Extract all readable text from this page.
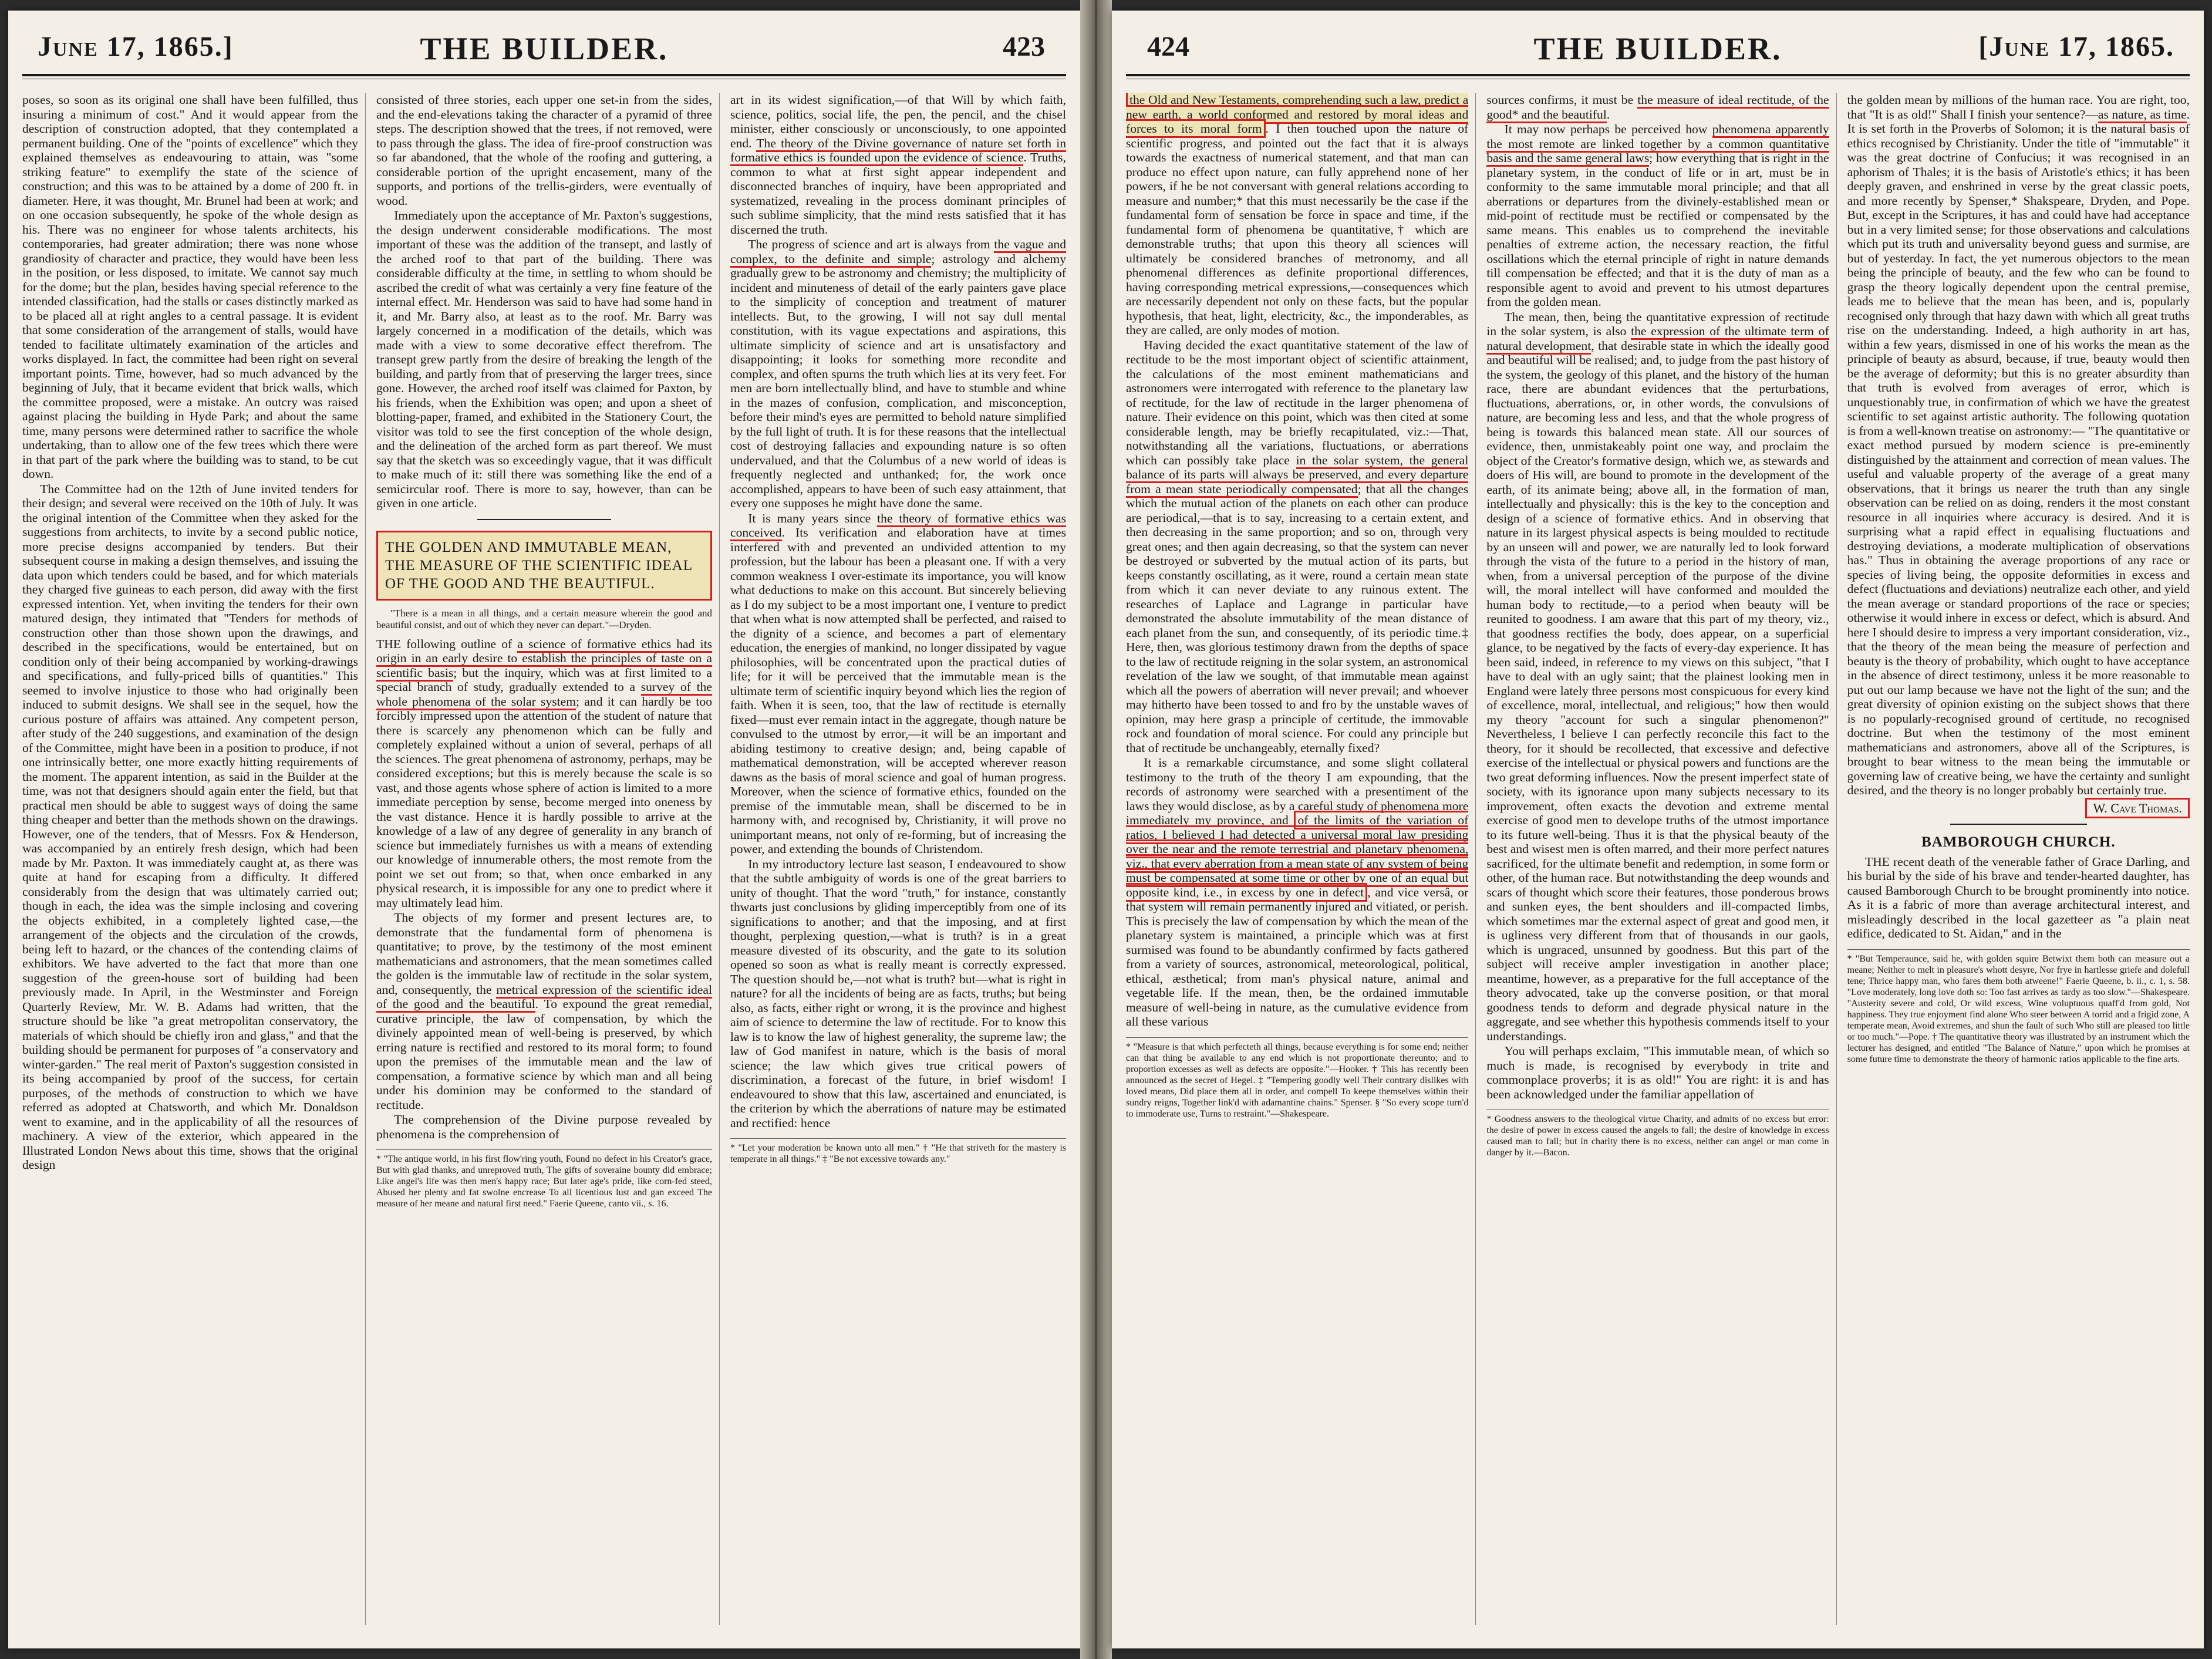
June 17, 1865.]	THE BUILDER.	423

poses, so soon as its original one shall have been fulfilled, thus insuring a minimum of cost." And it would appear from the description of construction adopted, that they contemplated a permanent building. One of the "points of excellence" which they explained themselves as endeavouring to attain, was "some striking feature" to exemplify the state of the science of construction; and this was to be attained by a dome of 200 ft. in diameter. Here, it was thought, Mr. Brunel had been at work; and on one occasion subsequently, he spoke of the whole design as his. There was no engineer for whose talents architects, his contemporaries, had greater admiration; there was none whose grandiosity of character and practice, they would have been less in the position, or less disposed, to imitate. We cannot say much for the dome; but the plan, besides having special reference to the intended classification, had the stalls or cases distinctly marked as to be placed all at right angles to a central passage. It is evident that some consideration of the arrangement of stalls, would have tended to facilitate ultimately examination of the articles and works displayed. In fact, the committee had been right on several important points. Time, however, had so much advanced by the beginning of July, that it became evident that brick walls, which the committee proposed, were a mistake. An outcry was raised against placing the building in Hyde Park; and about the same time, many persons were determined rather to sacrifice the whole undertaking, than to allow one of the few trees which there were in that part of the park where the building was to stand, to be cut down.

The Committee had on the 12th of June invited tenders for their design; and several were received on the 10th of July. It was the original intention of the Committee when they asked for the suggestions from architects, to invite by a second public notice, more precise designs accompanied by tenders. But their subsequent course in making a design themselves, and issuing the data upon which tenders could be based, and for which materials they charged five guineas to each person, did away with the first expressed intention. Yet, when inviting the tenders for their own matured design, they intimated that "Tenders for methods of construction other than those shown upon the drawings, and described in the specifications, would be entertained, but on condition only of their being accompanied by working-drawings and specifications, and fully-priced bills of quantities." This seemed to involve injustice to those who had originally been induced to submit designs. We shall see in the sequel, how the curious posture of affairs was attained. Any competent person, after study of the 240 suggestions, and examination of the design of the Committee, might have been in a position to produce, if not one intrinsically better, one more exactly hitting requirements of the moment. The apparent intention, as said in the Builder at the time, was not that designers should again enter the field, but that practical men should be able to suggest ways of doing the same thing cheaper and better than the methods shown on the drawings. However, one of the tenders, that of Messrs. Fox & Henderson, was accompanied by an entirely fresh design, which had been made by Mr. Paxton. It was immediately caught at, as there was quite at hand for escaping from a difficulty. It differed considerably from the design that was ultimately carried out; though in each, the idea was the simple inclosing and covering the objects exhibited, in a completely lighted case,—the arrangement of the objects and the circulation of the crowds, being left to hazard, or the chances of the contending claims of exhibitors. We have adverted to the fact that more than one suggestion of the green-house sort of building had been previously made. In April, in the Westminster and Foreign Quarterly Review, Mr. W. B. Adams had written, that the structure should be like "a great metropolitan conservatory, the materials of which should be chiefly iron and glass," and that the building should be permanent for purposes of "a conservatory and winter-garden." The real merit of Paxton's suggestion consisted in its being accompanied by proof of the success, for certain purposes, of the methods of construction to which we have referred as adopted at Chatsworth, and which Mr. Donaldson went to examine, and in the applicability of all the resources of machinery. A view of the exterior, which appeared in the Illustrated London News about this time, shows that the original design

consisted of three stories, each upper one set-in from the sides, and the end-elevations taking the character of a pyramid of three steps. The description showed that the trees, if not removed, were to pass through the glass. The idea of fire-proof construction was so far abandoned, that the whole of the roofing and guttering, a considerable portion of the upright encasement, many of the supports, and portions of the trellis-girders, were eventually of wood.

Immediately upon the acceptance of Mr. Paxton's suggestions, the design underwent considerable modifications. The most important of these was the addition of the transept, and lastly of the arched roof to that part of the building. There was considerable difficulty at the time, in settling to whom should be ascribed the credit of what was certainly a very fine feature of the internal effect. Mr. Henderson was said to have had some hand in it, and Mr. Barry also, at least as to the roof. Mr. Barry was largely concerned in a modification of the details, which was made with a view to some decorative effect therefrom. The transept grew partly from the desire of breaking the length of the building, and partly from that of preserving the larger trees, since gone. However, the arched roof itself was claimed for Paxton, by his friends, when the Exhibition was open; and upon a sheet of blotting-paper, framed, and exhibited in the Stationery Court, the visitor was told to see the first conception of the whole design, and the delineation of the arched form as part thereof. We must say that the sketch was so exceedingly vague, that it was difficult to make much of it: still there was something like the end of a semicircular roof. There is more to say, however, than can be given in one article.

THE GOLDEN AND IMMUTABLE MEAN, THE MEASURE OF THE SCIENTIFIC IDEAL OF THE GOOD AND THE BEAUTIFUL.
"There is a mean in all things, and a certain measure wherein the good and beautiful consist, and out of which they never can depart."—Dryden.

THE following outline of a science of formative ethics had its origin in an early desire to establish the principles of taste on a scientific basis; but the inquiry, which was at first limited to a special branch of study, gradually extended to a survey of the whole phenomena of the solar system; and it can hardly be too forcibly impressed upon the attention of the student of nature that there is scarcely any phenomenon which can be fully and completely explained without a union of several, perhaps of all the sciences. The great phenomena of astronomy, perhaps, may be considered exceptions; but this is merely because the scale is so vast, and those agents whose sphere of action is limited to a more immediate perception by sense, become merged into oneness by the vast distance. Hence it is hardly possible to arrive at the knowledge of a law of any degree of generality in any branch of science but immediately furnishes us with a means of extending our knowledge of innumerable others, the most remote from the point we set out from; so that, when once embarked in any physical research, it is impossible for any one to predict where it may ultimately lead him.

The objects of my former and present lectures are, to demonstrate that the fundamental form of phenomena is quantitative; to prove, by the testimony of the most eminent mathematicians and astronomers, that the mean sometimes called the golden is the immutable law of rectitude in the solar system, and, consequently, the metrical expression of the scientific ideal of the good and the beautiful. To expound the great remedial, curative principle, the law of compensation, by which the divinely appointed mean of well-being is preserved, by which erring nature is rectified and restored to its moral form; to found upon the premises of the immutable mean and the law of compensation, a formative science by which man and all being under his dominion may be conformed to the standard of rectitude.

The comprehension of the Divine purpose revealed by phenomena is the comprehension of

* "The antique world, in his first flow'ring youth, Found no defect in his Creator's grace, But with glad thanks, and unreproved truth, The gifts of soveraine bounty did embrace; Like angel's life was then men's happy race; But later age's pride, like corn-fed steed, Abused her plenty and fat swolne encrease To all licentious lust and gan exceed The measure of her meane and natural first need." Faerie Queene, canto vii., s. 16.

art in its widest signification,—of that Will by which faith, science, politics, social life, the pen, the pencil, and the chisel minister, either consciously or unconsciously, to one appointed end. The theory of the Divine governance of nature set forth in formative ethics is founded upon the evidence of science. Truths, common to what at first sight appear independent and disconnected branches of inquiry, have been appropriated and systematized, revealing in the process dominant principles of such sublime simplicity, that the mind rests satisfied that it has discerned the truth.

The progress of science and art is always from the vague and complex, to the definite and simple; astrology and alchemy gradually grew to be astronomy and chemistry; the multiplicity of incident and minuteness of detail of the early painters gave place to the simplicity of conception and treatment of maturer intellects. But, to the growing, I will not say dull mental constitution, with its vague expectations and aspirations, this ultimate simplicity of science and art is unsatisfactory and disappointing; it looks for something more recondite and complex, and often spurns the truth which lies at its very feet. For men are born intellectually blind, and have to stumble and whine in the mazes of confusion, complication, and misconception, before their mind's eyes are permitted to behold nature simplified by the full light of truth. It is for these reasons that the intellectual cost of destroying fallacies and expounding nature is so often undervalued, and that the Columbus of a new world of ideas is frequently neglected and unthanked; for, the work once accomplished, appears to have been of such easy attainment, that every one supposes he might have done the same.

It is many years since the theory of formative ethics was conceived. Its verification and elaboration have at times interfered with and prevented an undivided attention to my profession, but the labour has been a pleasant one. If with a very common weakness I over-estimate its importance, you will know what deductions to make on this account. But sincerely believing as I do my subject to be a most important one, I venture to predict that when what is now attempted shall be perfected, and raised to the dignity of a science, and becomes a part of elementary education, the energies of mankind, no longer dissipated by vague philosophies, will be concentrated upon the practical duties of life; for it will be perceived that the immutable mean is the ultimate term of scientific inquiry beyond which lies the region of faith. When it is seen, too, that the law of rectitude is eternally fixed—must ever remain intact in the aggregate, though nature be convulsed to the utmost by error,—it will be an important and abiding testimony to creative design; and, being capable of mathematical demonstration, will be accepted wherever reason dawns as the basis of moral science and goal of human progress. Moreover, when the science of formative ethics, founded on the premise of the immutable mean, shall be discerned to be in harmony with, and recognised by, Christianity, it will prove no unimportant means, not only of re-forming, but of increasing the power, and extending the bounds of Christendom.

In my introductory lecture last season, I endeavoured to show that the subtle ambiguity of words is one of the great barriers to unity of thought. That the word "truth," for instance, constantly thwarts just conclusions by gliding imperceptibly from one of its significations to another; and that the imposing, and at first thought, perplexing question,—what is truth? is in a great measure divested of its obscurity, and the gate to its solution opened so soon as what is really meant is correctly expressed. The question should be,—not what is truth? but—what is right in nature? for all the incidents of being are as facts, truths; but being also, as facts, either right or wrong, it is the province and highest aim of science to determine the law of rectitude. For to know this law is to know the law of highest generality, the supreme law; the law of God manifest in nature, which is the basis of moral science; the law which gives true critical powers of discrimination, a forecast of the future, in brief wisdom! I endeavoured to show that this law, ascertained and enunciated, is the criterion by which the aberrations of nature may be estimated and rectified: hence

* "Let your moderation be known unto all men." † "He that striveth for the mastery is temperate in all things." ‡ "Be not excessive towards any."
424	THE BUILDER.	[June 17, 1865.

the Old and New Testaments, comprehending such a law, predict a new earth, a world conformed and restored by moral ideas and forces to its moral form . I then touched upon the nature of scientific progress, and pointed out the fact that it is always towards the exactness of numerical statement, and that man can produce no effect upon nature, can fully apprehend none of her powers, if he be not conversant with general relations according to measure and number;* that this must necessarily be the case if the fundamental form of sensation be force in space and time, if the fundamental form of phenomena be quantitative,† which are demonstrable truths; that upon this theory all sciences will ultimately be considered branches of metronomy, and all phenomenal differences as definite proportional differences, having corresponding metrical expressions,—consequences which are necessarily dependent not only on these facts, but the popular hypothesis, that heat, light, electricity, &c., the imponderables, as they are called, are only modes of motion.

Having decided the exact quantitative statement of the law of rectitude to be the most important object of scientific attainment, the calculations of the most eminent mathematicians and astronomers were interrogated with reference to the planetary law of rectitude, for the law of rectitude in the larger phenomena of nature. Their evidence on this point, which was then cited at some considerable length, may be briefly recapitulated, viz.:—That, notwithstanding all the variations, fluctuations, or aberrations which can possibly take place in the solar system, the general balance of its parts will always be preserved, and every departure from a mean state periodically compensated; that all the changes which the mutual action of the planets on each other can produce are periodical,—that is to say, increasing to a certain extent, and then decreasing in the same proportion; and so on, through very great ones; and then again decreasing, so that the system can never be destroyed or subverted by the mutual action of its parts, but keeps constantly oscillating, as it were, round a certain mean state from which it can never deviate to any ruinous extent. The researches of Laplace and Lagrange in particular have demonstrated the absolute immutability of the mean distance of each planet from the sun, and consequently, of its periodic time.‡ Here, then, was glorious testimony drawn from the depths of space to the law of rectitude reigning in the solar system, an astronomical revelation of the law we sought, of that immutable mean against which all the powers of aberration will never prevail; and whoever may hitherto have been tossed to and fro by the unstable waves of opinion, may here grasp a principle of certitude, the immovable rock and foundation of moral science. For could any principle but that of rectitude be unchangeably, eternally fixed?

It is a remarkable circumstance, and some slight collateral testimony to the truth of the theory I am expounding, that the records of astronomy were searched with a presentiment of the laws they would disclose, as by a careful study of phenomena more immediately my province, and of the limits of the variation of ratios, I believed I had detected a universal moral law presiding over the near and the remote terrestrial and planetary phenomena, viz., that every aberration from a mean state of any system of being must be compensated at some time or other by one of an equal but opposite kind, i.e., in excess by one in defect , and vice versâ, or that system will remain permanently injured and vitiated, or perish. This is precisely the law of compensation by which the mean of the planetary system is maintained, a principle which was at first surmised was found to be abundantly confirmed by facts gathered from a variety of sources, astronomical, meteorological, political, ethical, æsthetical; from man's physical nature, animal and vegetable life. If the mean, then, be the ordained immutable measure of well-being in nature, as the cumulative evidence from all these various

* "Measure is that which perfecteth all things, because everything is for some end; neither can that thing be available to any end which is not proportionate thereunto; and to proportion excesses as well as defects are opposite."—Hooker. † This has recently been announced as the secret of Hegel. ‡ "Tempering goodly well Their contrary dislikes with loved means, Did place them all in order, and compell To keepe themselves within their sundry reigns, Together link'd with adamantine chains." Spenser. § "So every scope turn'd to immoderate use, Turns to restraint."—Shakespeare.

sources confirms, it must be the measure of ideal rectitude, of the good* and the beautiful.

It may now perhaps be perceived how phenomena apparently the most remote are linked together by a common quantitative basis and the same general laws; how everything that is right in the planetary system, in the conduct of life or in art, must be in conformity to the same immutable moral principle; and that all aberrations or departures from the divinely-established mean or mid-point of rectitude must be rectified or compensated by the same means. This enables us to comprehend the inevitable penalties of extreme action, the necessary reaction, the fitful oscillations which the eternal principle of right in nature demands till compensation be effected; and that it is the duty of man as a responsible agent to avoid and prevent to his utmost departures from the golden mean.

The mean, then, being the quantitative expression of rectitude in the solar system, is also the expression of the ultimate term of natural development, that desirable state in which the ideally good and beautiful will be realised; and, to judge from the past history of the system, the geology of this planet, and the history of the human race, there are abundant evidences that the perturbations, fluctuations, aberrations, or, in other words, the convulsions of nature, are becoming less and less, and that the whole progress of being is towards this balanced mean state. All our sources of evidence, then, unmistakeably point one way, and proclaim the object of the Creator's formative design, which we, as stewards and doers of His will, are bound to promote in the development of the earth, of its animate being; above all, in the formation of man, intellectually and physically: this is the key to the conception and design of a science of formative ethics. And in observing that nature in its largest physical aspects is being moulded to rectitude by an unseen will and power, we are naturally led to look forward through the vista of the future to a period in the history of man, when, from a universal perception of the purpose of the divine will, the moral intellect will have conformed and moulded the human body to rectitude,—to a period when beauty will be reunited to goodness. I am aware that this part of my theory, viz., that goodness rectifies the body, does appear, on a superficial glance, to be negatived by the facts of every-day experience. It has been said, indeed, in reference to my views on this subject, "that I have to deal with an ugly saint; that the plainest looking men in England were lately three persons most conspicuous for every kind of excellence, moral, intellectual, and religious;" how then would my theory "account for such a singular phenomenon?" Nevertheless, I believe I can perfectly reconcile this fact to the theory, for it should be recollected, that excessive and defective exercise of the intellectual or physical powers and functions are the two great deforming influences. Now the present imperfect state of society, with its ignorance upon many subjects necessary to its improvement, often exacts the devotion and extreme mental exercise of good men to develope truths of the utmost importance to its future well-being. Thus it is that the physical beauty of the best and wisest men is often marred, and their more perfect natures sacrificed, for the ultimate benefit and redemption, in some form or other, of the human race. But notwithstanding the deep wounds and scars of thought which score their features, those ponderous brows and sunken eyes, the bent shoulders and ill-compacted limbs, which sometimes mar the external aspect of great and good men, it is ugliness very different from that of thousands in our gaols, which is ungraced, unsunned by goodness. But this part of the subject will receive ampler investigation in another place; meantime, however, as a preparative for the full acceptance of the theory advocated, take up the converse position, or that moral goodness tends to deform and degrade physical nature in the aggregate, and see whether this hypothesis commends itself to your understandings.

You will perhaps exclaim, "This immutable mean, of which so much is made, is recognised by everybody in trite and commonplace proverbs; it is as old!" You are right: it is and has been acknowledged under the familiar appellation of

* Goodness answers to the theological virtue Charity, and admits of no excess but error: the desire of power in excess caused the angels to fall; the desire of knowledge in excess caused man to fall; but in charity there is no excess, neither can angel or man come in danger by it.—Bacon.

the golden mean by millions of the human race. You are right, too, that "It is as old!" Shall I finish your sentence?—as nature, as time. It is set forth in the Proverbs of Solomon; it is the natural basis of ethics recognised by Christianity. Under the title of "immutable" it was the great doctrine of Confucius; it was recognised in an aphorism of Thales; it is the basis of Aristotle's ethics; it has been deeply graven, and enshrined in verse by the great classic poets, and more recently by Spenser,* Shakspeare, Dryden, and Pope. But, except in the Scriptures, it has and could have had acceptance but in a very limited sense; for those observations and calculations which put its truth and universality beyond guess and surmise, are but of yesterday. In fact, the yet numerous objectors to the mean being the principle of beauty, and the few who can be found to grasp the theory logically dependent upon the central premise, leads me to believe that the mean has been, and is, popularly recognised only through that hazy dawn with which all great truths rise on the understanding. Indeed, a high authority in art has, within a few years, dismissed in one of his works the mean as the principle of beauty as absurd, because, if true, beauty would then be the average of deformity; but this is no greater absurdity than that truth is evolved from averages of error, which is unquestionably true, in confirmation of which we have the greatest scientific to set against artistic authority. The following quotation is from a well-known treatise on astronomy:— "The quantitative or exact method pursued by modern science is pre-eminently distinguished by the attainment and correction of mean values. The useful and valuable property of the average of a great many observations, that it brings us nearer the truth than any single observation can be relied on as doing, renders it the most constant resource in all inquiries where accuracy is desired. And it is surprising what a rapid effect in equalising fluctuations and destroying deviations, a moderate multiplication of observations has." Thus in obtaining the average proportions of any race or species of living being, the opposite deformities in excess and defect (fluctuations and deviations) neutralize each other, and yield the mean average or standard proportions of the race or species; otherwise it would inhere in excess or defect, which is absurd. And here I should desire to impress a very important consideration, viz., that the theory of the mean being the measure of perfection and beauty is the theory of probability, which ought to have acceptance in the absence of direct testimony, unless it be more reasonable to put out our lamp because we have not the light of the sun; and the great diversity of opinion existing on the subject shows that there is no popularly-recognised ground of certitude, no recognised doctrine. But when the testimony of the most eminent mathematicians and astronomers, above all of the Scriptures, is brought to bear witness to the mean being the immutable or governing law of creative being, we have the certainty and sunlight desired, and the theory is no longer probably but certainly true.

W. Cave Thomas.
BAMBOROUGH CHURCH.

THE recent death of the venerable father of Grace Darling, and his burial by the side of his brave and tender-hearted daughter, has caused Bamborough Church to be brought prominently into notice. As it is a fabric of more than average architectural interest, and misleadingly described in the local gazetteer as "a plain neat edifice, dedicated to St. Aidan," and in the

* "But Temperaunce, said he, with golden squire Betwixt them both can measure out a meane; Neither to melt in pleasure's whott desyre, Nor frye in hartlesse griefe and dolefull tene; Thrice happy man, who fares them both atweene!" Faerie Queene, b. ii., c. 1, s. 58. "Love moderately, long love doth so: Too fast arrives as tardy as too slow."—Shakespeare. "Austerity severe and cold, Or wild excess, Wine voluptuous quaff'd from gold, Not happiness. They true enjoyment find alone Who steer between A torrid and a frigid zone, A temperate mean, Avoid extremes, and shun the fault of such Who still are pleased too little or too much."—Pope. † The quantitative theory was illustrated by an instrument which the lecturer has designed, and entitled "The Balance of Nature," upon which he promises at some future time to demonstrate the theory of harmonic ratios applicable to the fine arts.
